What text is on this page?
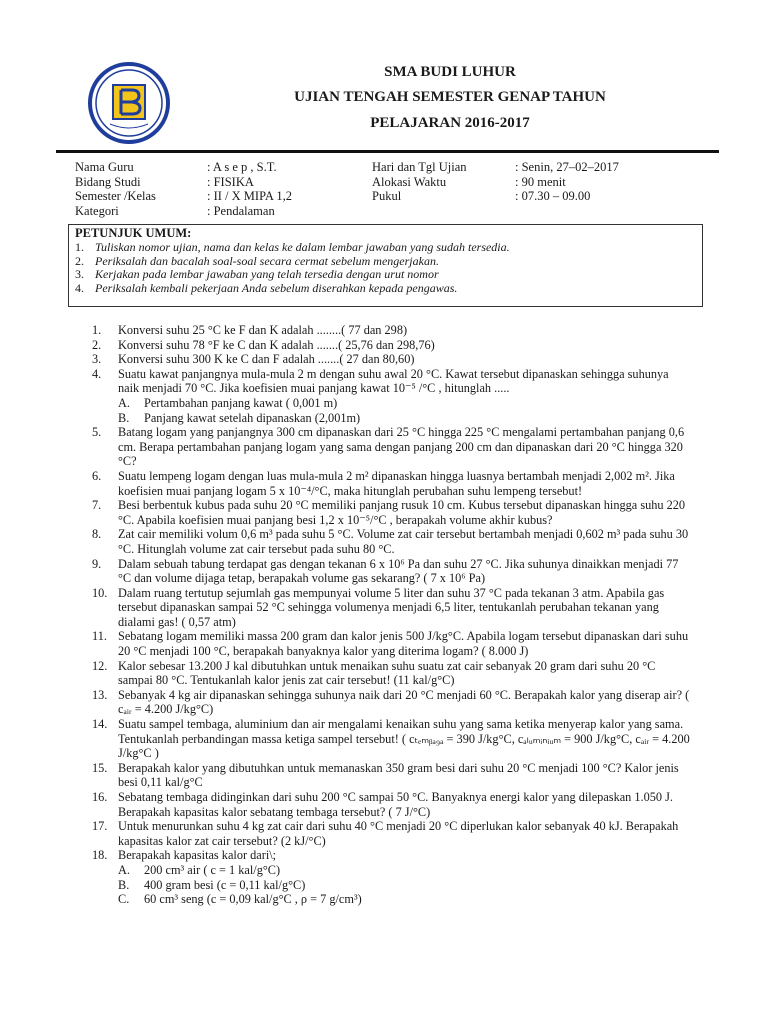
SMA BUDI LUHUR
UJIAN TENGAH SEMESTER GENAP TAHUN
PELAJARAN 2016-2017
Nama Guru
Bidang Studi
Semester /Kelas
Kategori
: A s e p , S.T.
: FISIKA
: II / X MIPA 1,2
: Pendalaman
Hari dan Tgl Ujian
Alokasi Waktu
Pukul
: Senin, 27–02–2017
: 90 menit
: 07.30 – 09.00
PETUNJUK UMUM:
1. Tuliskan nomor ujian, nama dan kelas ke dalam lembar jawaban yang sudah tersedia.
2. Periksalah dan bacalah soal-soal secara cermat sebelum mengerjakan.
3. Kerjakan pada lembar jawaban yang telah tersedia dengan urut nomor
4. Periksalah kembali pekerjaan Anda sebelum diserahkan kepada pengawas.
1. Konversi suhu 25 °C ke F dan K adalah ........( 77 dan 298)
2. Konversi suhu 78 °F ke C dan K adalah .......( 25,76 dan 298,76)
3. Konversi suhu 300 K ke C dan F adalah .......( 27 dan 80,60)
4. Suatu kawat panjangnya mula-mula 2 m dengan suhu awal 20 °C. Kawat tersebut dipanaskan sehingga suhunya naik menjadi 70 °C. Jika koefisien muai panjang kawat 10⁻⁵ /°C , hitunglah .....
A. Pertambahan panjang kawat ( 0,001 m)
B. Panjang kawat setelah dipanaskan (2,001m)
5. Batang logam yang panjangnya 300 cm dipanaskan dari 25 °C hingga 225 °C mengalami pertambahan panjang 0,6 cm. Berapa pertambahan panjang logam yang sama dengan panjang 200 cm dan dipanaskan dari 20 °C hingga 320 °C?
6. Suatu lempeng logam dengan luas mula-mula 2 m² dipanaskan hingga luasnya bertambah menjadi 2,002 m². Jika koefisien muai panjang logam 5 x 10⁻⁴/°C, maka hitunglah perubahan suhu lempeng tersebut!
7. Besi berbentuk kubus pada suhu 20 °C memiliki panjang rusuk 10 cm. Kubus tersebut dipanaskan hingga suhu 220 °C. Apabila koefisien muai panjang besi 1,2 x 10⁻⁵/°C , berapakah volume akhir kubus?
8. Zat cair memiliki volum 0,6 m³ pada suhu 5 °C. Volume zat cair tersebut bertambah menjadi 0,602 m³ pada suhu 30 °C. Hitunglah volume zat cair tersebut pada suhu 80 °C.
9. Dalam sebuah tabung terdapat gas dengan tekanan 6 x 10⁶ Pa dan suhu 27 °C. Jika suhunya dinaikkan menjadi 77 °C dan volume dijaga tetap, berapakah volume gas sekarang? ( 7 x 10⁶ Pa)
10. Dalam ruang tertutup sejumlah gas mempunyai volume 5 liter dan suhu 37 °C pada tekanan 3 atm. Apabila gas tersebut dipanaskan sampai 52 °C sehingga volumenya menjadi 6,5 liter, tentukanlah perubahan tekanan yang dialami gas! ( 0,57 atm)
11. Sebatang logam memiliki massa 200 gram dan kalor jenis 500 J/kg°C. Apabila logam tersebut dipanaskan dari suhu 20 °C menjadi 100 °C, berapakah banyaknya kalor yang diterima logam? ( 8.000 J)
12. Kalor sebesar 13.200 J kal dibutuhkan untuk menaikan suhu suatu zat cair sebanyak 20 gram dari suhu 20 °C sampai 80 °C. Tentukanlah kalor jenis zat cair tersebut! (11 kal/g°C)
13. Sebanyak 4 kg air dipanaskan sehingga suhunya naik dari 20 °C menjadi 60 °C. Berapakah kalor yang diserap air? ( cₐᵢᵣ = 4.200 J/kg°C)
14. Suatu sampel tembaga, aluminium dan air mengalami kenaikan suhu yang sama ketika menyerap kalor yang sama. Tentukanlah perbandingan massa ketiga sampel tersebut! ( cₜₑₘᵦₐ₉ₐ = 390 J/kg°C, cₐₗᵤₘᵢₙᵢᵤₘ = 900 J/kg°C, cₐᵢᵣ = 4.200 J/kg°C )
15. Berapakah kalor yang dibutuhkan untuk memanaskan 350 gram besi dari suhu 20 °C menjadi 100 °C? Kalor jenis besi 0,11 kal/g°C
16. Sebatang tembaga didinginkan dari suhu 200 °C sampai 50 °C. Banyaknya energi kalor yang dilepaskan 1.050 J. Berapakah kapasitas kalor sebatang tembaga tersebut? ( 7 J/°C)
17. Untuk menurunkan suhu 4 kg zat cair dari suhu 40 °C menjadi 20 °C diperlukan kalor sebanyak 40 kJ. Berapakah kapasitas kalor zat cair tersebut? (2 kJ/°C)
18. Berapakah kapasitas kalor dari\;
A. 200 cm³ air ( c = 1 kal/g°C)
B. 400 gram besi (c = 0,11 kal/g°C)
C. 60 cm³ seng (c = 0,09 kal/g°C , ρ = 7 g/cm³)
